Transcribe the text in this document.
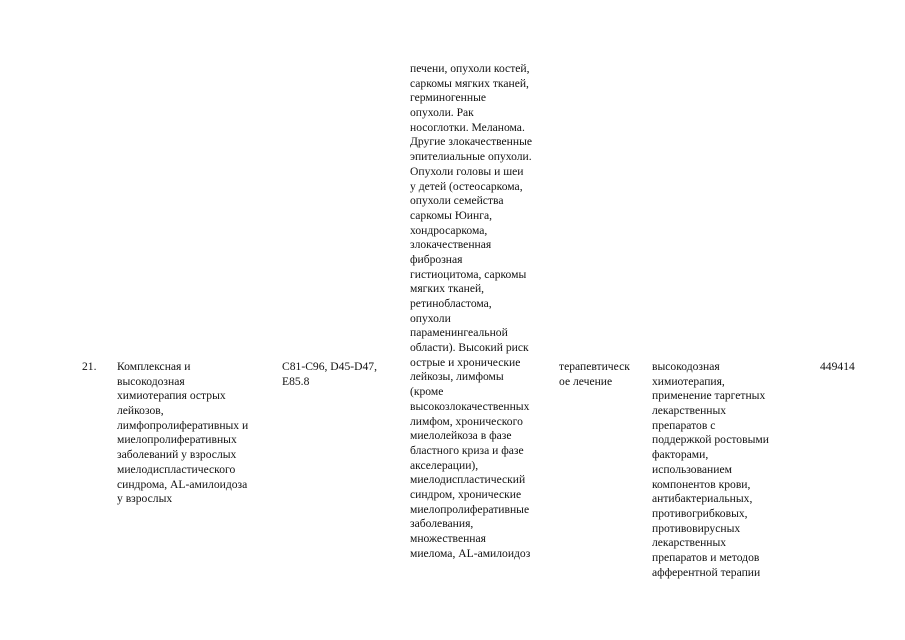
21. Комплексная и
высокодозная
химиотерапия острых
лейкозов,
лимфопролиферативных и
миелопролиферативных
заболеваний у взрослых
миелодиспластического
синдрома, AL-амилоидоза
у взрослых
C81-C96, D45-D47,
E85.8
печени, опухоли костей,
саркомы мягких тканей,
герминогенные
опухоли. Рак
носоглотки. Меланома.
Другие злокачественные
эпителиальные опухоли.
Опухоли головы и шеи
у детей (остеосаркома,
опухоли семейства
саркомы Юинга,
хондросаркома,
злокачественная
фиброзная
гистиоцитома, саркомы
мягких тканей,
ретинобластома,
опухоли
параменингеальной
области). Высокий риск
острые и хронические
лейкозы, лимфомы
(кроме
высокозлокачественных
лимфом, хронического
миелолейкоза в фазе
бластного криза и фазе
акселерации),
миелодиспластический
синдром, хронические
миелопролиферативные
заболевания,
множественная
миелома, AL-амилоидоз
терапевтическ
ое лечение
высокодозная
химиотерапия,
применение таргетных
лекарственных
препаратов с
поддержкой ростовыми
факторами,
использованием
компонентов крови,
антибактериальных,
противогрибковых,
противовирусных
лекарственных
препаратов и методов
афферентной терапии
449414
